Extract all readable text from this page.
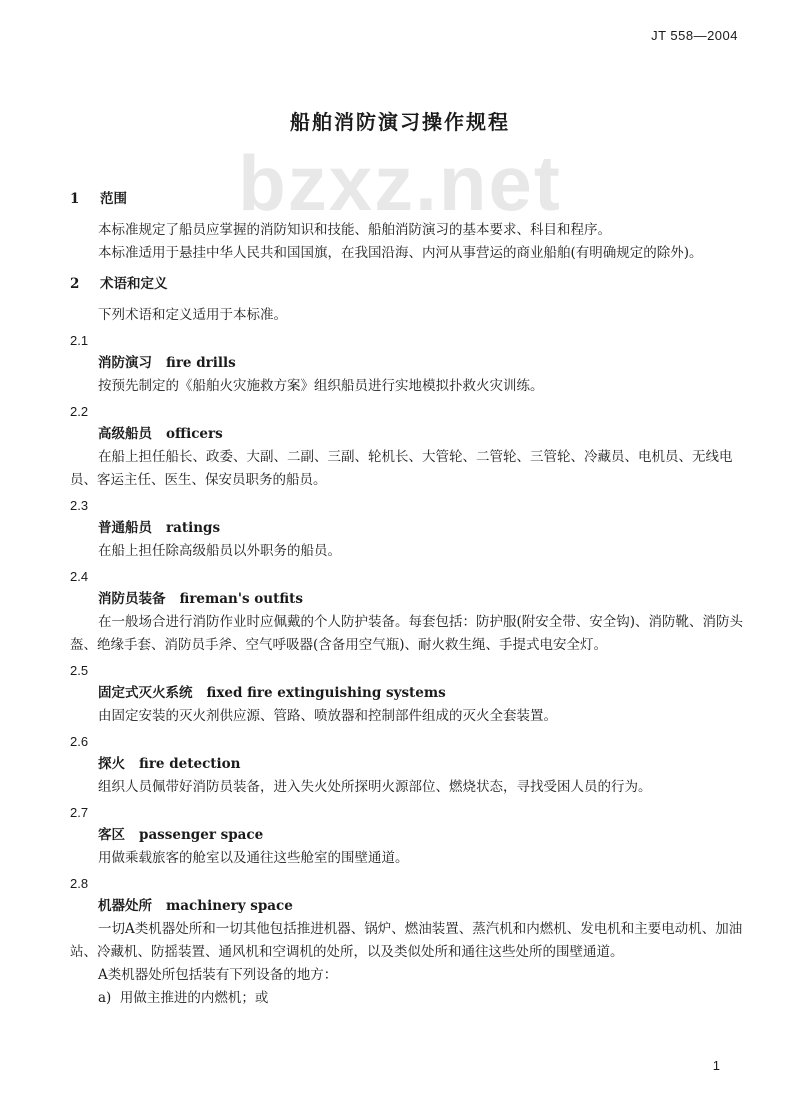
JT 558—2004
bzxz.net
船舶消防演习操作规程
1 范围

本标准规定了船员应掌握的消防知识和技能、船舶消防演习的基本要求、科目和程序。

本标准适用于悬挂中华人民共和国国旗，在我国沿海、内河从事营运的商业船舶(有明确规定的除外)。

2 术语和定义

下列术语和定义适用于本标准。

2.1
消防演习 fire drills

按预先制定的《船舶火灾施救方案》组织船员进行实地模拟扑救火灾训练。

2.2
高级船员 officers

在船上担任船长、政委、大副、二副、三副、轮机长、大管轮、二管轮、三管轮、冷藏员、电机员、无线电员、客运主任、医生、保安员职务的船员。

2.3
普通船员 ratings

在船上担任除高级船员以外职务的船员。

2.4
消防员装备 fireman's outfits

在一般场合进行消防作业时应佩戴的个人防护装备。每套包括：防护服(附安全带、安全钩)、消防靴、消防头盔、绝缘手套、消防员手斧、空气呼吸器(含备用空气瓶)、耐火救生绳、手提式电安全灯。

2.5
固定式灭火系统 fixed fire extinguishing systems

由固定安装的灭火剂供应源、管路、喷放器和控制部件组成的灭火全套装置。

2.6
探火 fire detection

组织人员佩带好消防员装备，进入失火处所探明火源部位、燃烧状态，寻找受困人员的行为。

2.7
客区 passenger space

用做乘载旅客的舱室以及通往这些舱室的围壁通道。

2.8
机器处所 machinery space

一切A类机器处所和一切其他包括推进机器、锅炉、燃油装置、蒸汽机和内燃机、发电机和主要电动机、加油站、冷藏机、防摇装置、通风机和空调机的处所，以及类似处所和通往这些处所的围壁通道。

A类机器处所包括装有下列设备的地方：

a) 用做主推进的内燃机；或

1
